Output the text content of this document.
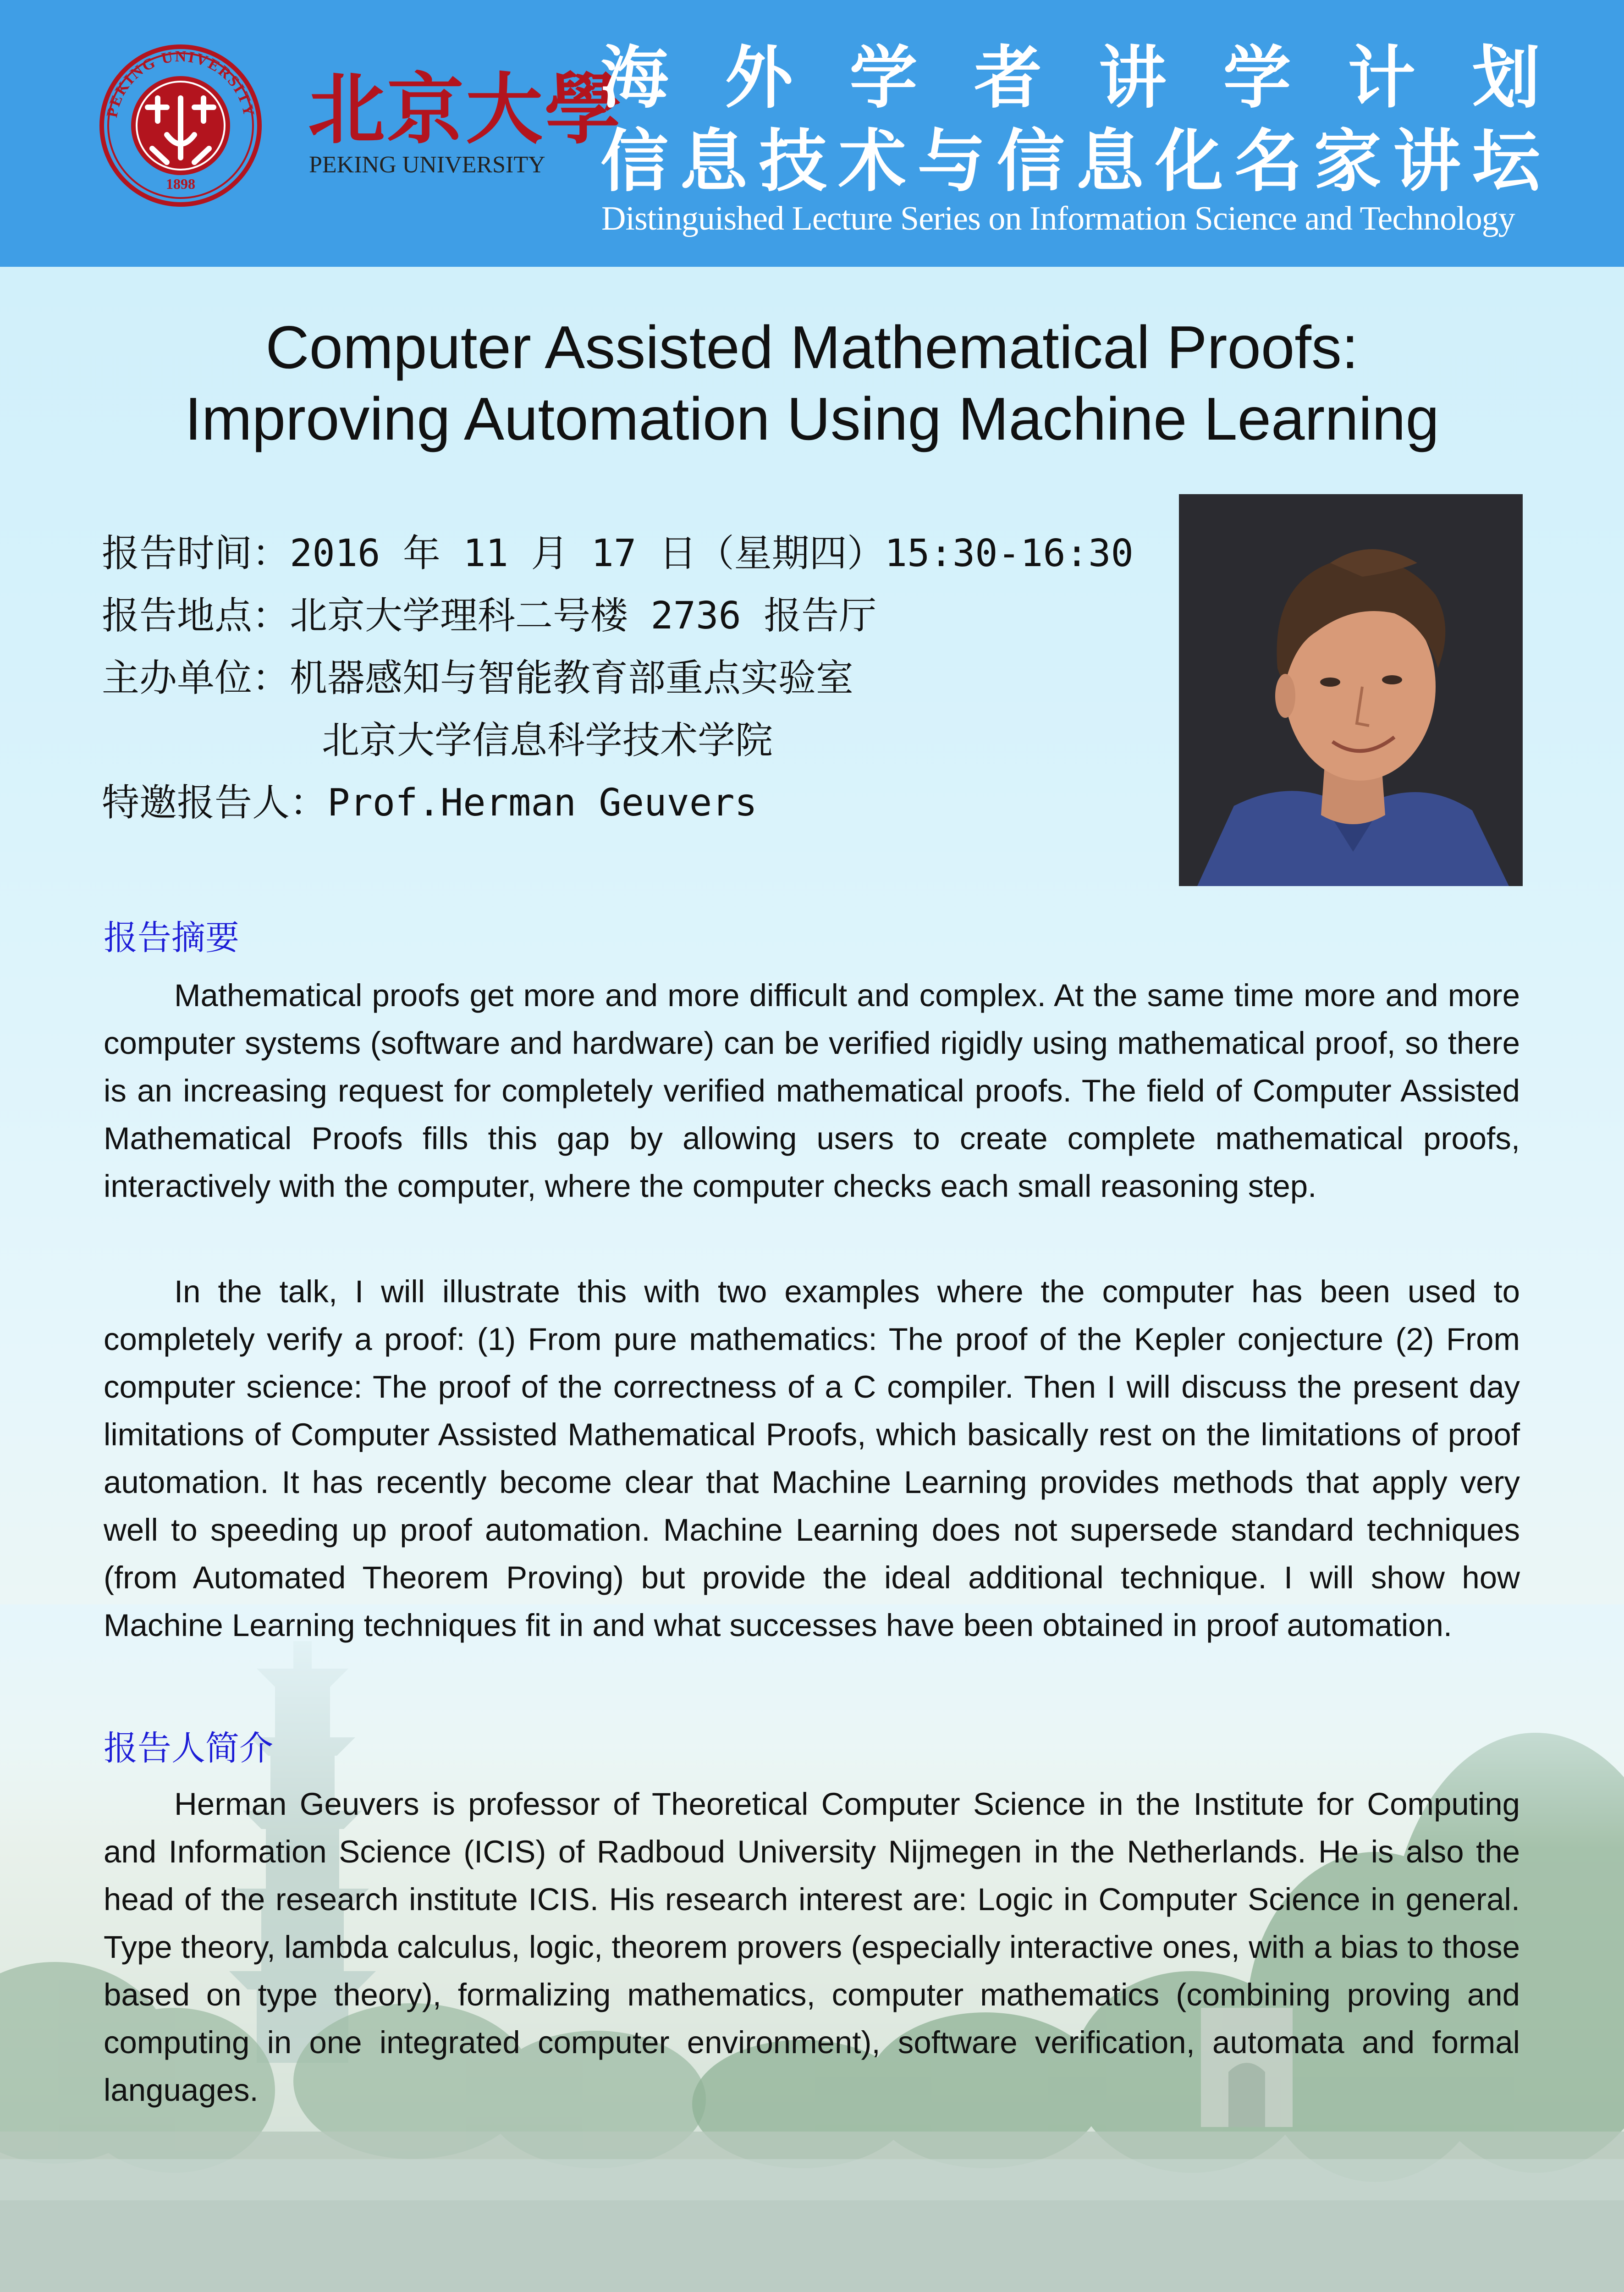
PEKING UNIVERSITY
1898
北京大學
PEKING UNIVERSITY
海 外 学 者 讲 学 计 划
信 息 技 术 与 信 息 化 名 家 讲 坛
Distinguished Lecture Series on Information Science and Technology
Computer Assisted Mathematical Proofs:
Improving Automation Using Machine Learning
报告时间：2016 年 11 月 17 日（星期四）15:30-16:30
报告地点：北京大学理科二号楼 2736 报告厅
主办单位：机器感知与智能教育部重点实验室
北京大学信息科学技术学院
特邀报告人：Prof.Herman Geuvers
报告摘要
Mathematical proofs get more and more difficult and complex. At the same time more and more computer systems (software and hardware) can be verified rigidly using mathematical proof, so there is an increasing request for completely verified mathematical proofs. The field of Computer Assisted Mathematical Proofs fills this gap by allowing users to create complete mathematical proofs, interactively with the computer, where the computer checks each small reasoning step.
In the talk, I will illustrate this with two examples where the computer has been used to completely verify a proof: (1) From pure mathematics: The proof of the Kepler conjecture (2) From computer science: The proof of the correctness of a C compiler. Then I will discuss the present day limitations of Computer Assisted Mathematical Proofs, which basically rest on the limitations of proof automation. It has recently become clear that Machine Learning provides methods that apply very well to speeding up proof automation. Machine Learning does not supersede standard techniques (from Automated Theorem Proving) but provide the ideal additional technique. I will show how Machine Learning techniques fit in and what successes have been obtained in proof automation.
报告人简介
Herman Geuvers is professor of Theoretical Computer Science in the Institute for Computing and Information Science (ICIS) of Radboud University Nijmegen in the Netherlands. He is also the head of the research institute ICIS. His research interest are: Logic in Computer Science in general. Type theory, lambda calculus, logic, theorem provers (especially interactive ones, with a bias to those based on type theory), formalizing mathematics, computer mathematics (combining proving and computing in one integrated computer environment), software verification, automata and formal languages.
